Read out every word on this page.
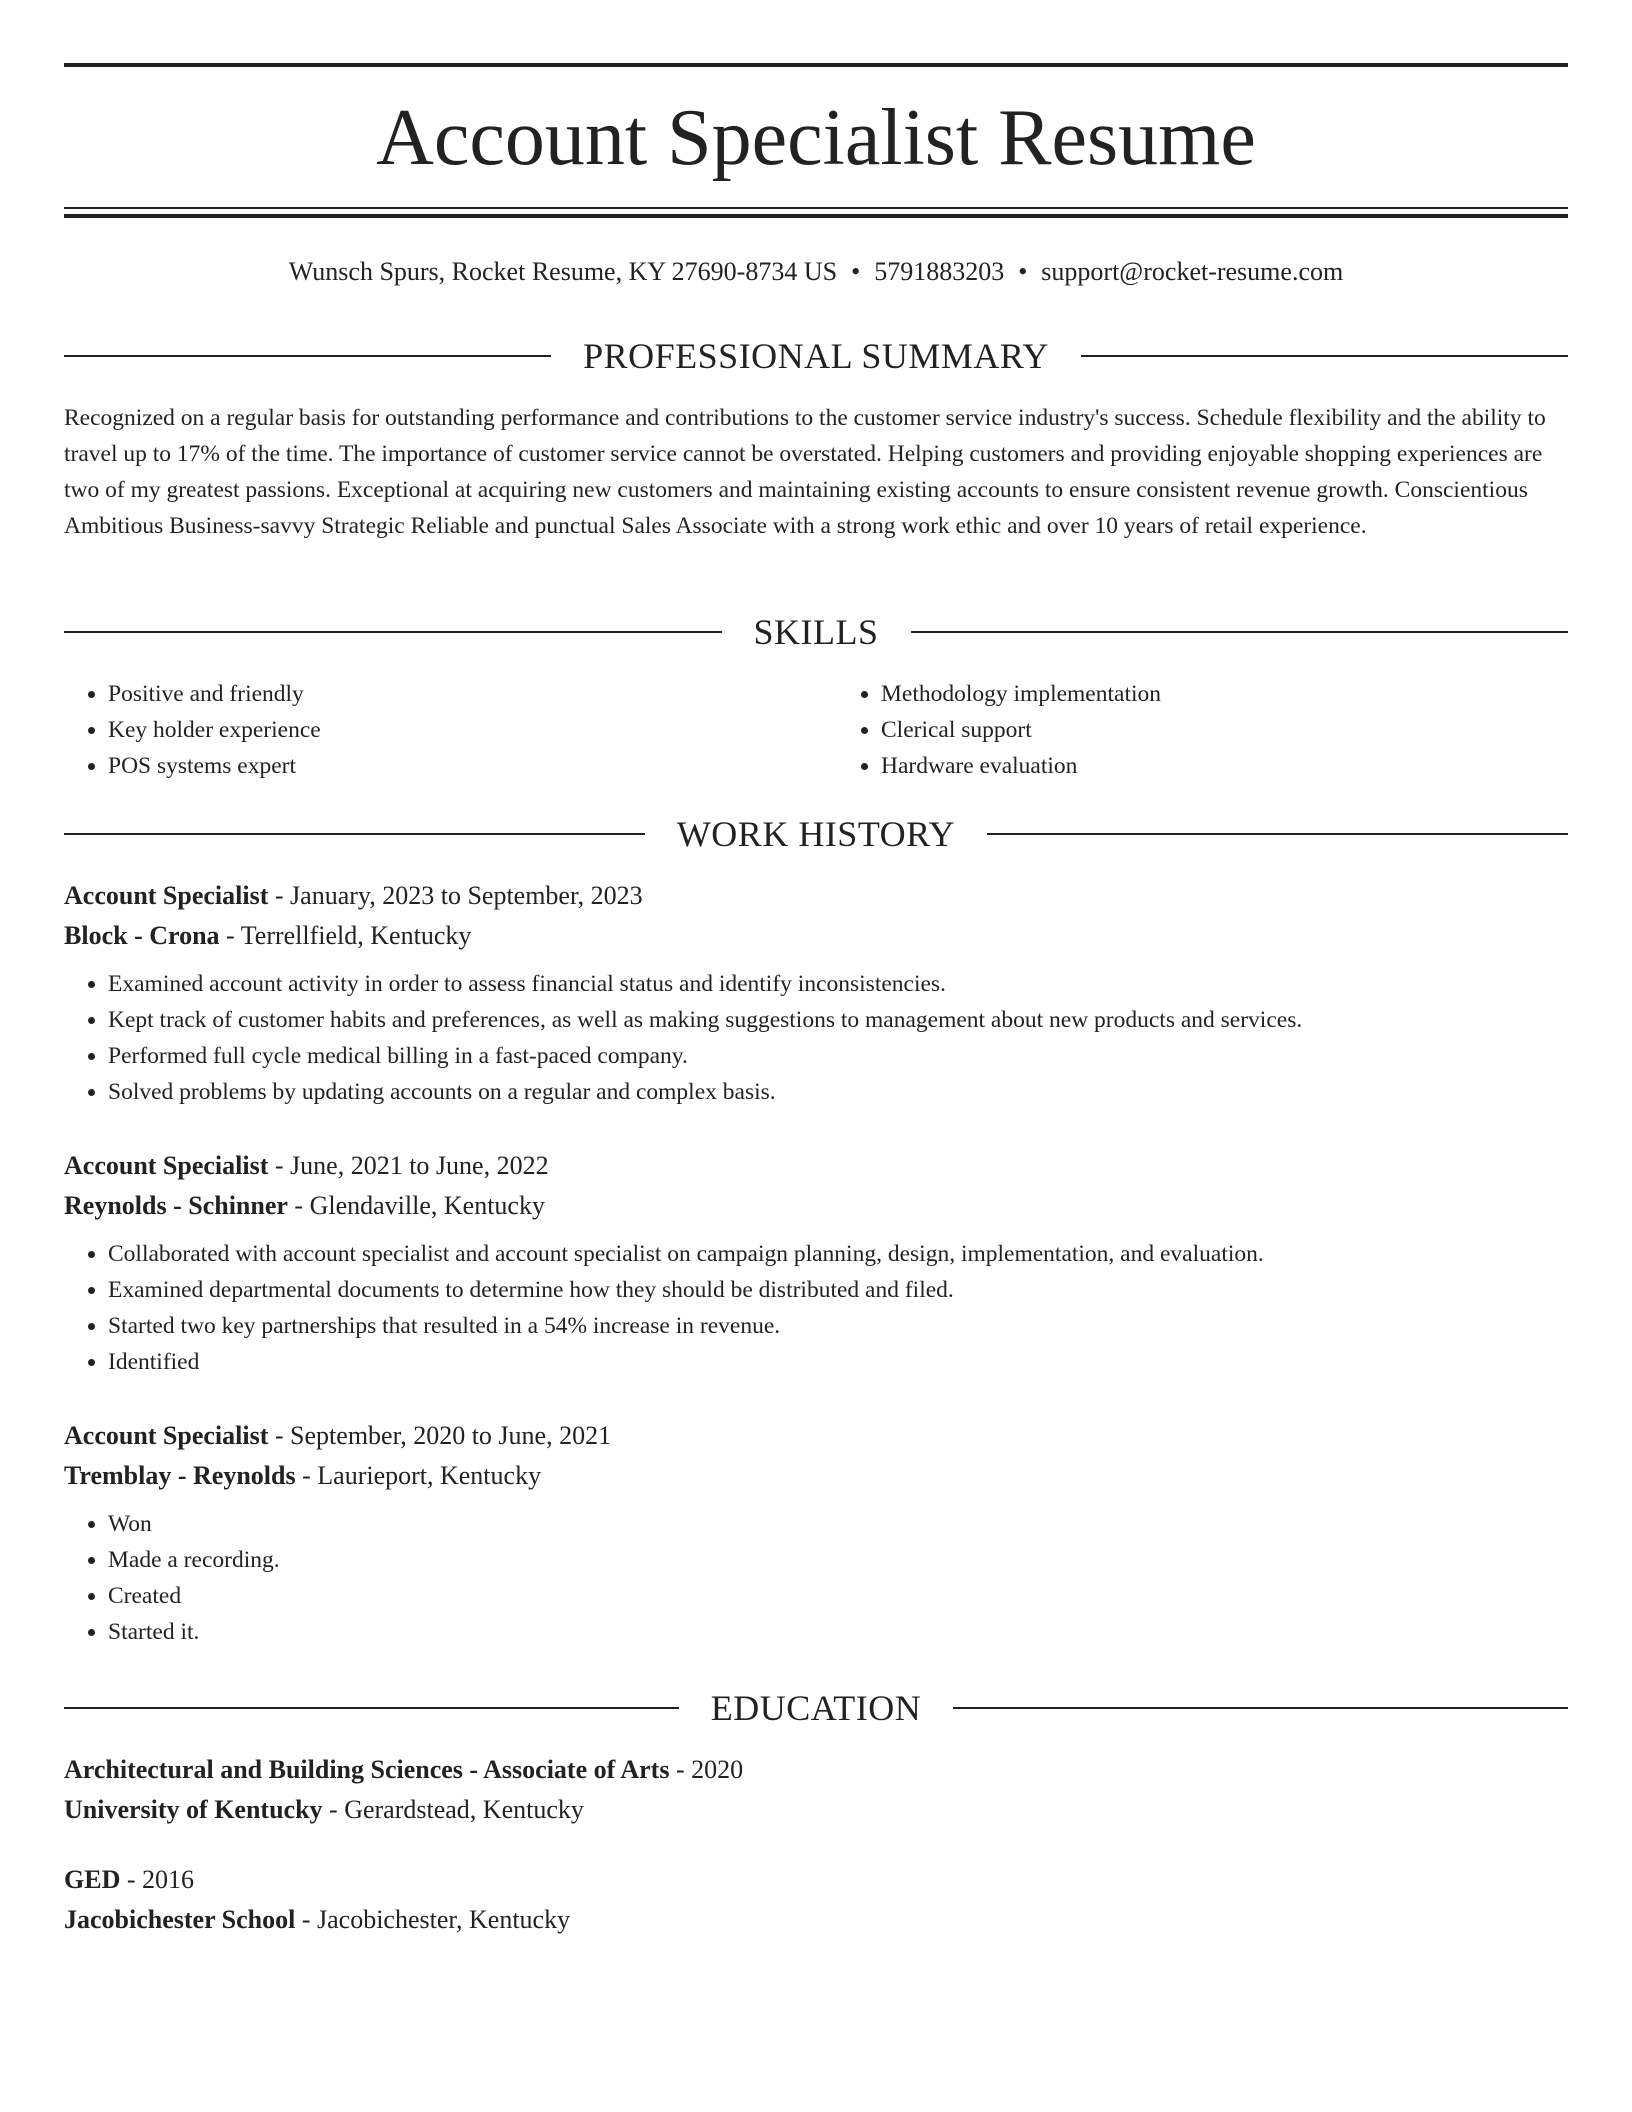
Account Specialist Resume
Wunsch Spurs, Rocket Resume, KY 27690-8734 US • 5791883203 • support@rocket-resume.com
PROFESSIONAL SUMMARY
Recognized on a regular basis for outstanding performance and contributions to the customer service industry's success. Schedule flexibility and the ability to travel up to 17% of the time. The importance of customer service cannot be overstated. Helping customers and providing enjoyable shopping experiences are two of my greatest passions. Exceptional at acquiring new customers and maintaining existing accounts to ensure consistent revenue growth. Conscientious Ambitious Business-savvy Strategic Reliable and punctual Sales Associate with a strong work ethic and over 10 years of retail experience.
SKILLS
• Positive and friendly
• Key holder experience
• POS systems expert
• Methodology implementation
• Clerical support
• Hardware evaluation
WORK HISTORY
Account Specialist - January, 2023 to September, 2023
Block - Crona - Terrellfield, Kentucky
• Examined account activity in order to assess financial status and identify inconsistencies.
• Kept track of customer habits and preferences, as well as making suggestions to management about new products and services.
• Performed full cycle medical billing in a fast-paced company.
• Solved problems by updating accounts on a regular and complex basis.
Account Specialist - June, 2021 to June, 2022
Reynolds - Schinner - Glendaville, Kentucky
• Collaborated with account specialist and account specialist on campaign planning, design, implementation, and evaluation.
• Examined departmental documents to determine how they should be distributed and filed.
• Started two key partnerships that resulted in a 54% increase in revenue.
• Identified
Account Specialist - September, 2020 to June, 2021
Tremblay - Reynolds - Laurieport, Kentucky
• Won
• Made a recording.
• Created
• Started it.
EDUCATION
Architectural and Building Sciences - Associate of Arts - 2020
University of Kentucky - Gerardstead, Kentucky
GED - 2016
Jacobichester School - Jacobichester, Kentucky
